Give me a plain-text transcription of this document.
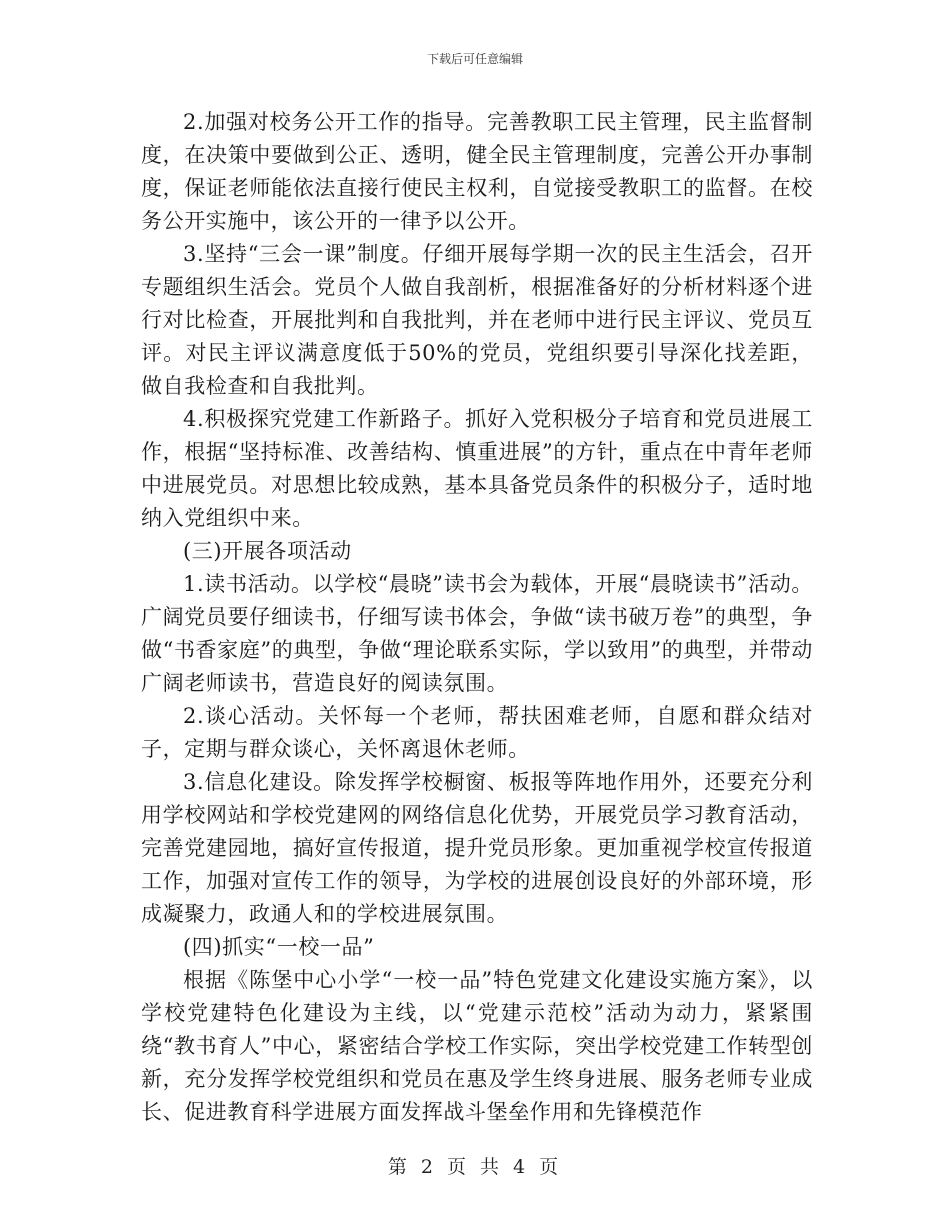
下载后可任意编辑

2.加强对校务公开工作的指导。完善教职工民主管理，民主监督制度，在决策中要做到公正、透明，健全民主管理制度，完善公开办事制度，保证老师能依法直接行使民主权利，自觉接受教职工的监督。在校务公开实施中，该公开的一律予以公开。

3.坚持“三会一课”制度。仔细开展每学期一次的民主生活会，召开专题组织生活会。党员个人做自我剖析，根据准备好的分析材料逐个进行对比检查，开展批判和自我批判，并在老师中进行民主评议、党员互评。对民主评议满意度低于50%的党员，党组织要引导深化找差距，做自我检查和自我批判。

4.积极探究党建工作新路子。抓好入党积极分子培育和党员进展工作，根据“坚持标准、改善结构、慎重进展”的方针，重点在中青年老师中进展党员。对思想比较成熟，基本具备党员条件的积极分子，适时地纳入党组织中来。

(三)开展各项活动

1.读书活动。以学校“晨晓”读书会为载体，开展“晨晓读书”活动。广阔党员要仔细读书，仔细写读书体会，争做“读书破万卷”的典型，争做“书香家庭”的典型，争做“理论联系实际，学以致用”的典型，并带动广阔老师读书，营造良好的阅读氛围。

2.谈心活动。关怀每一个老师，帮扶困难老师，自愿和群众结对子，定期与群众谈心，关怀离退休老师。

3.信息化建设。除发挥学校橱窗、板报等阵地作用外，还要充分利用学校网站和学校党建网的网络信息化优势，开展党员学习教育活动，完善党建园地，搞好宣传报道，提升党员形象。更加重视学校宣传报道工作，加强对宣传工作的领导，为学校的进展创设良好的外部环境，形成凝聚力，政通人和的学校进展氛围。

(四)抓实“一校一品”

根据《陈堡中心小学“一校一品”特色党建文化建设实施方案》，以学校党建特色化建设为主线，以“党建示范校”活动为动力，紧紧围绕“教书育人”中心，紧密结合学校工作实际，突出学校党建工作转型创新，充分发挥学校党组织和党员在惠及学生终身进展、服务老师专业成长、促进教育科学进展方面发挥战斗堡垒作用和先锋模范作

第 2 页 共 4 页
